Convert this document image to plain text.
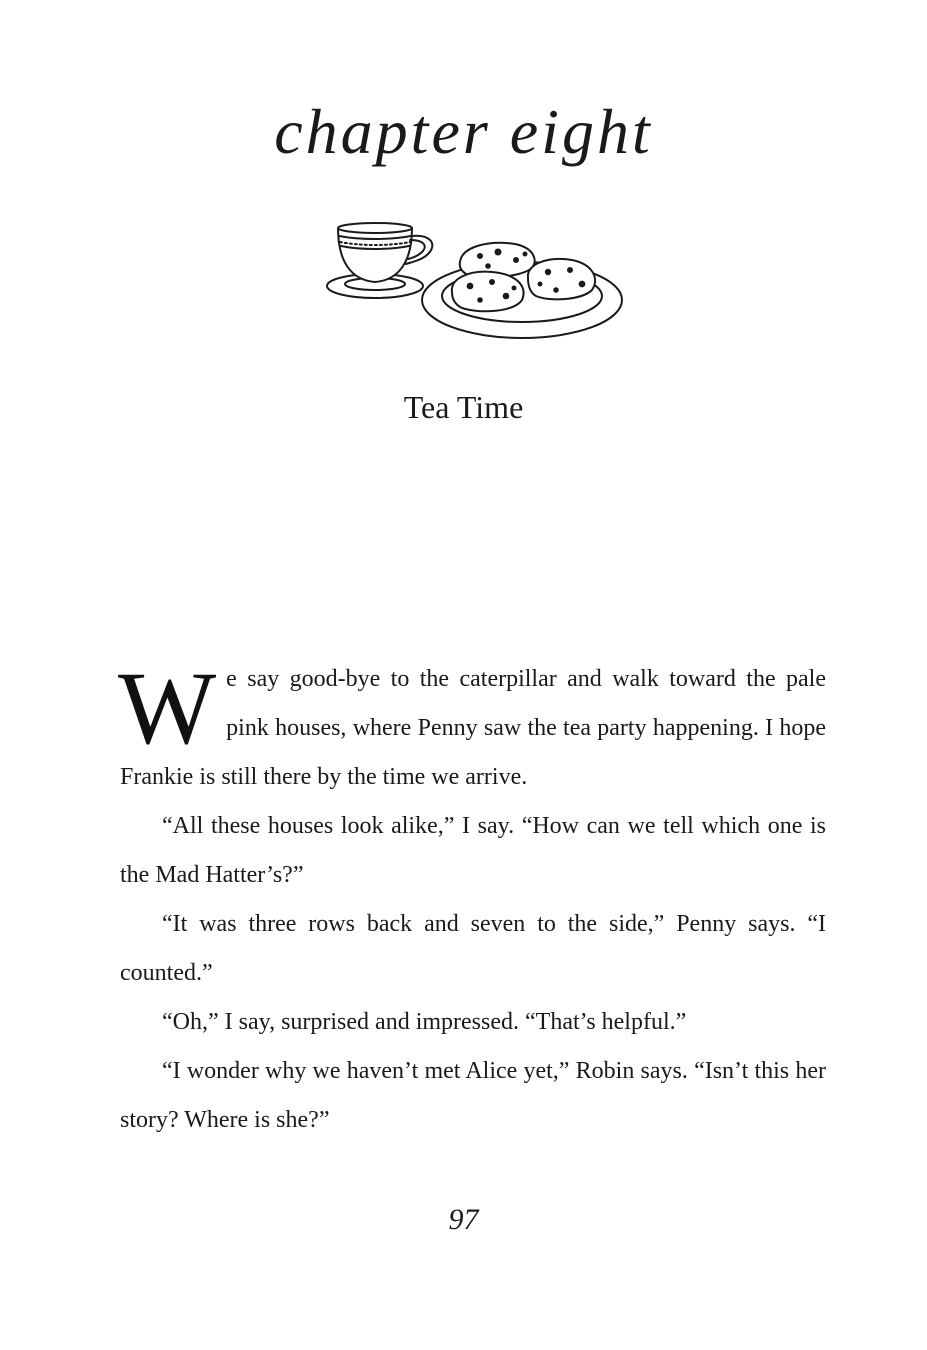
chapter eight
Tea Time

We say good-bye to the caterpillar and walk toward the pale pink houses, where Penny saw the tea party happening. I hope Frankie is still there by the time we arrive.

“All these houses look alike,” I say. “How can we tell which one is the Mad Hatter’s?”

“It was three rows back and seven to the side,” Penny says. “I counted.”

“Oh,” I say, surprised and impressed. “That’s helpful.”

“I wonder why we haven’t met Alice yet,” Robin says. “Isn’t this her story? Where is she?”

97
